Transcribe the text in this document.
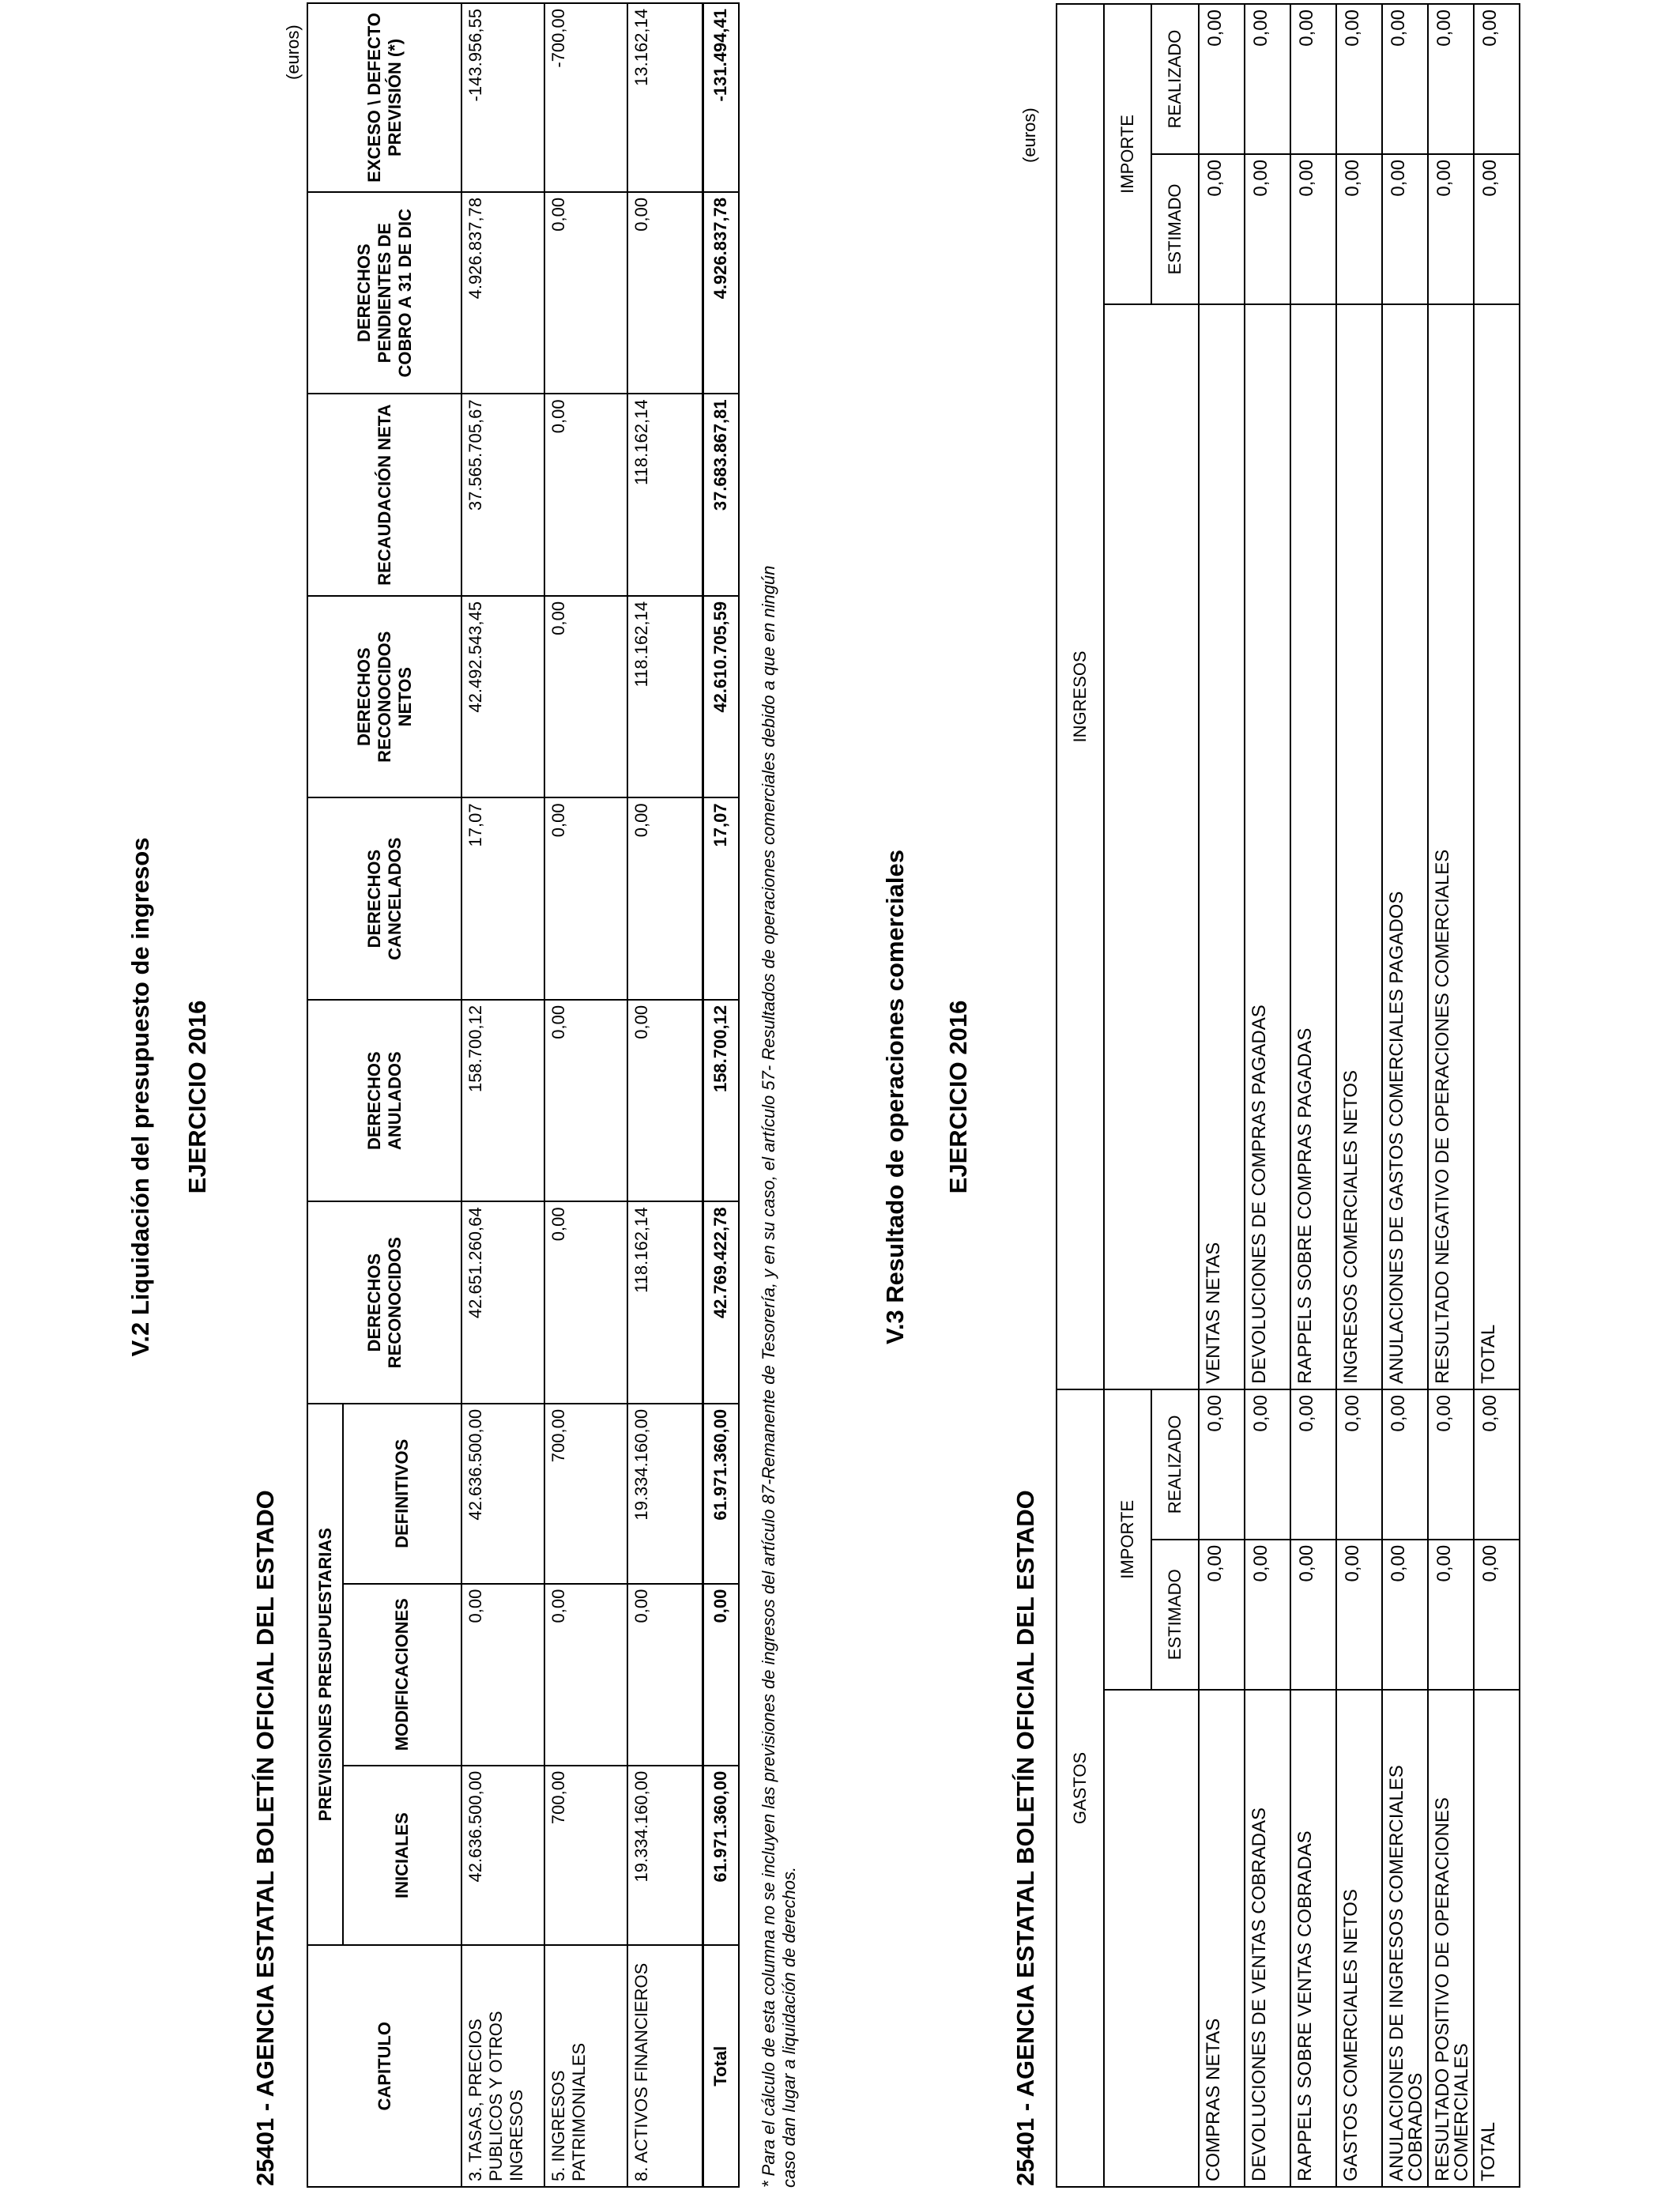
V.2 Liquidación del presupuesto de ingresos EJERCICIO 2016
25401 - AGENCIA ESTATAL BOLETÍN OFICIAL DEL ESTADO
(euros)
CAPITULO	PREVISIONES PRESUPUESTARIAS			DERECHOS RECONOCIDOS	DERECHOS ANULADOS	DERECHOS CANCELADOS	DERECHOS RECONOCIDOS NETOS	RECAUDACIÓN NETA	DERECHOS PENDIENTES DE COBRO A 31 DE DIC	EXCESO \ DEFECTO PREVISIÓN (*)
	INICIALES	MODIFICACIONES	DEFINITIVOS							
3. TASAS, PRECIOS PUBLICOS Y OTROS INGRESOS	42.636.500,00	0,00	42.636.500,00	42.651.260,64	158.700,12	17,07	42.492.543,45	37.565.705,67	4.926.837,78	-143.956,55
5. INGRESOS PATRIMONIALES	700,00	0,00	700,00	0,00	0,00	0,00	0,00	0,00	0,00	-700,00
8. ACTIVOS FINANCIEROS	19.334.160,00	0,00	19.334.160,00	118.162,14	0,00	0,00	118.162,14	118.162,14	0,00	13.162,14
Total	61.971.360,00	0,00	61.971.360,00	42.769.422,78	158.700,12	17,07	42.610.705,59	37.683.867,81	4.926.837,78	-131.494,41
* Para el cálculo de esta columna no se incluyen las previsiones de ingresos del artículo 87-Remanente de Tesorería, y en su caso, el artículo 57- Resultados de operaciones comerciales debido a que en ningún caso dan lugar a liquidación de derechos.
V.3 Resultado de operaciones comerciales EJERCICIO 2016
25401 - AGENCIA ESTATAL BOLETÍN OFICIAL DEL ESTADO
(euros)
GASTOS			INGRESOS		
	IMPORTE			IMPORTE	
	ESTIMADO	REALIZADO		ESTIMADO	REALIZADO
COMPRAS NETAS	0,00	0,00	VENTAS NETAS	0,00	0,00
DEVOLUCIONES DE VENTAS COBRADAS	0,00	0,00	DEVOLUCIONES DE COMPRAS PAGADAS	0,00	0,00
RAPPELS SOBRE VENTAS COBRADAS	0,00	0,00	RAPPELS SOBRE COMPRAS PAGADAS	0,00	0,00
GASTOS COMERCIALES NETOS	0,00	0,00	INGRESOS COMERCIALES NETOS	0,00	0,00
ANULACIONES DE INGRESOS COMERCIALES COBRADOS	0,00	0,00	ANULACIONES DE GASTOS COMERCIALES PAGADOS	0,00	0,00
RESULTADO POSITIVO DE OPERACIONES COMERCIALES	0,00	0,00	RESULTADO NEGATIVO DE OPERACIONES COMERCIALES	0,00	0,00
TOTAL	0,00	0,00	TOTAL	0,00	0,00
